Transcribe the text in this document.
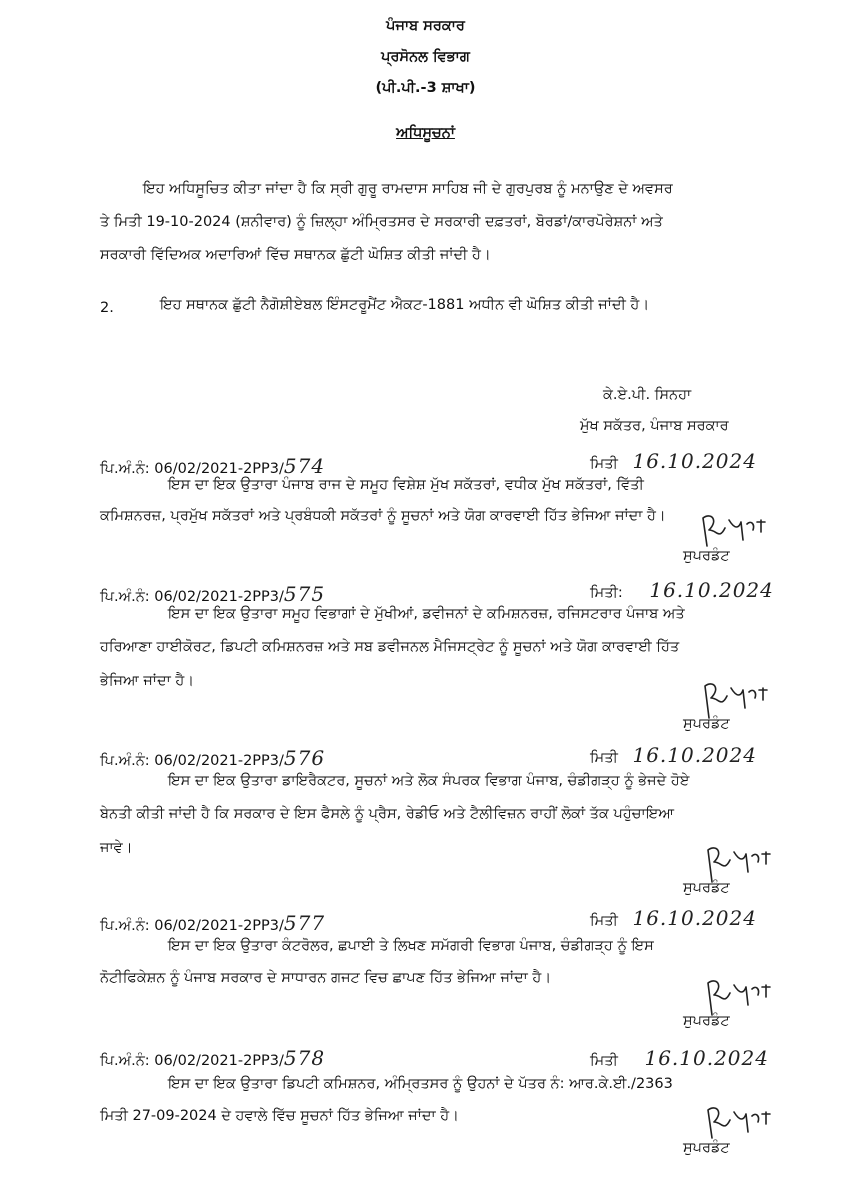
ਪੰਜਾਬ ਸਰਕਾਰ
ਪ੍ਰਸੋਨਲ ਵਿਭਾਗ
(ਪੀ.ਪੀ.-3 ਸ਼ਾਖਾ)
ਅਧਿਸੂਚਨਾਂ
ਇਹ ਅਧਿਸੂਚਿਤ ਕੀਤਾ ਜਾਂਦਾ ਹੈ ਕਿ ਸ੍ਰੀ ਗੁਰੂ ਰਾਮਦਾਸ ਸਾਹਿਬ ਜੀ ਦੇ ਗੁਰਪੁਰਬ ਨੂੰ ਮਨਾਉਣ ਦੇ ਅਵਸਰ
ਤੇ ਮਿਤੀ 19-10-2024 (ਸ਼ਨੀਵਾਰ) ਨੂੰ ਜ਼ਿਲ੍ਹਾ ਅੰਮ੍ਰਿਤਸਰ ਦੇ ਸਰਕਾਰੀ ਦਫ਼ਤਰਾਂ, ਬੋਰਡਾਂ/ਕਾਰਪੋਰੇਸ਼ਨਾਂ ਅਤੇ
ਸਰਕਾਰੀ ਵਿੱਦਿਅਕ ਅਦਾਰਿਆਂ ਵਿੱਚ ਸਥਾਨਕ ਛੁੱਟੀ ਘੋਸ਼ਿਤ ਕੀਤੀ ਜਾਂਦੀ ਹੈ।
2.	ਇਹ ਸਥਾਨਕ ਛੁੱਟੀ ਨੈਗੋਸ਼ੀਏਬਲ ਇੰਸਟਰੂਮੈਂਟ ਐਕਟ-1881 ਅਧੀਨ ਵੀ ਘੋਸ਼ਿਤ ਕੀਤੀ ਜਾਂਦੀ ਹੈ।
ਕੇ.ਏ.ਪੀ. ਸਿਨਹਾ
ਮੁੱਖ ਸਕੱਤਰ, ਪੰਜਾਬ ਸਰਕਾਰ
ਪਿ.ਅੰ.ਨੰ: 06/02/2021-2PP3/574	ਮਿਤੀ 16.10.2024
ਇਸ ਦਾ ਇਕ ਉਤਾਰਾ ਪੰਜਾਬ ਰਾਜ ਦੇ ਸਮੂਹ ਵਿਸ਼ੇਸ਼ ਮੁੱਖ ਸਕੱਤਰਾਂ, ਵਧੀਕ ਮੁੱਖ ਸਕੱਤਰਾਂ, ਵਿੱਤੀ
ਕਮਿਸ਼ਨਰਜ਼, ਪ੍ਰਮੁੱਖ ਸਕੱਤਰਾਂ ਅਤੇ ਪ੍ਰਬੰਧਕੀ ਸਕੱਤਰਾਂ ਨੂੰ ਸੂਚਨਾਂ ਅਤੇ ਯੋਗ ਕਾਰਵਾਈ ਹਿੱਤ ਭੇਜਿਆ ਜਾਂਦਾ ਹੈ।
ਸੁਪਰਡੰਟ
ਪਿ.ਅੰ.ਨੰ: 06/02/2021-2PP3/575	ਮਿਤੀ: 16.10.2024
ਇਸ ਦਾ ਇਕ ਉਤਾਰਾ ਸਮੂਹ ਵਿਭਾਗਾਂ ਦੇ ਮੁੱਖੀਆਂ, ਡਵੀਜਨਾਂ ਦੇ ਕਮਿਸ਼ਨਰਜ਼, ਰਜਿਸਟਰਾਰ ਪੰਜਾਬ ਅਤੇ
ਹਰਿਆਣਾ ਹਾਈਕੋਰਟ, ਡਿਪਟੀ ਕਮਿਸ਼ਨਰਜ਼ ਅਤੇ ਸਬ ਡਵੀਜਨਲ ਮੈਜਿਸਟ੍ਰੇਟ ਨੂੰ ਸੂਚਨਾਂ ਅਤੇ ਯੋਗ ਕਾਰਵਾਈ ਹਿੱਤ
ਭੇਜਿਆ ਜਾਂਦਾ ਹੈ।
ਸੁਪਰਡੰਟ
ਪਿ.ਅੰ.ਨੰ: 06/02/2021-2PP3/576	ਮਿਤੀ 16.10.2024
ਇਸ ਦਾ ਇਕ ਉਤਾਰਾ ਡਾਇਰੈਕਟਰ, ਸੂਚਨਾਂ ਅਤੇ ਲੋਕ ਸੰਪਰਕ ਵਿਭਾਗ ਪੰਜਾਬ, ਚੰਡੀਗੜ੍ਹ ਨੂੰ ਭੇਜਦੇ ਹੋਏ
ਬੇਨਤੀ ਕੀਤੀ ਜਾਂਦੀ ਹੈ ਕਿ ਸਰਕਾਰ ਦੇ ਇਸ ਫੈਸਲੇ ਨੂੰ ਪ੍ਰੈਸ, ਰੇਡੀਓ ਅਤੇ ਟੈਲੀਵਿਜ਼ਨ ਰਾਹੀਂ ਲੋਕਾਂ ਤੱਕ ਪਹੁੰਚਾਇਆ
ਜਾਵੇ।
ਸੁਪਰਡੰਟ
ਪਿ.ਅੰ.ਨੰ: 06/02/2021-2PP3/577	ਮਿਤੀ 16.10.2024
ਇਸ ਦਾ ਇਕ ਉਤਾਰਾ ਕੰਟਰੋਲਰ, ਛਪਾਈ ਤੇ ਲਿਖਣ ਸਮੱਗਰੀ ਵਿਭਾਗ ਪੰਜਾਬ, ਚੰਡੀਗੜ੍ਹ ਨੂੰ ਇਸ
ਨੋਟੀਫਿਕੇਸ਼ਨ ਨੂੰ ਪੰਜਾਬ ਸਰਕਾਰ ਦੇ ਸਾਧਾਰਨ ਗਜਟ ਵਿਚ ਛਾਪਣ ਹਿੱਤ ਭੇਜਿਆ ਜਾਂਦਾ ਹੈ।
ਸੁਪਰਡੰਟ
ਪਿ.ਅੰ.ਨੰ: 06/02/2021-2PP3/578	ਮਿਤੀ 16.10.2024
ਇਸ ਦਾ ਇਕ ਉਤਾਰਾ ਡਿਪਟੀ ਕਮਿਸ਼ਨਰ, ਅੰਮ੍ਰਿਤਸਰ ਨੂੰ ਉਹਨਾਂ ਦੇ ਪੱਤਰ ਨੰ: ਆਰ.ਕੇ.ਈ./2363
ਮਿਤੀ 27-09-2024 ਦੇ ਹਵਾਲੇ ਵਿੱਚ ਸੂਚਨਾਂ ਹਿੱਤ ਭੇਜਿਆ ਜਾਂਦਾ ਹੈ।
ਸੁਪਰਡੰਟ
